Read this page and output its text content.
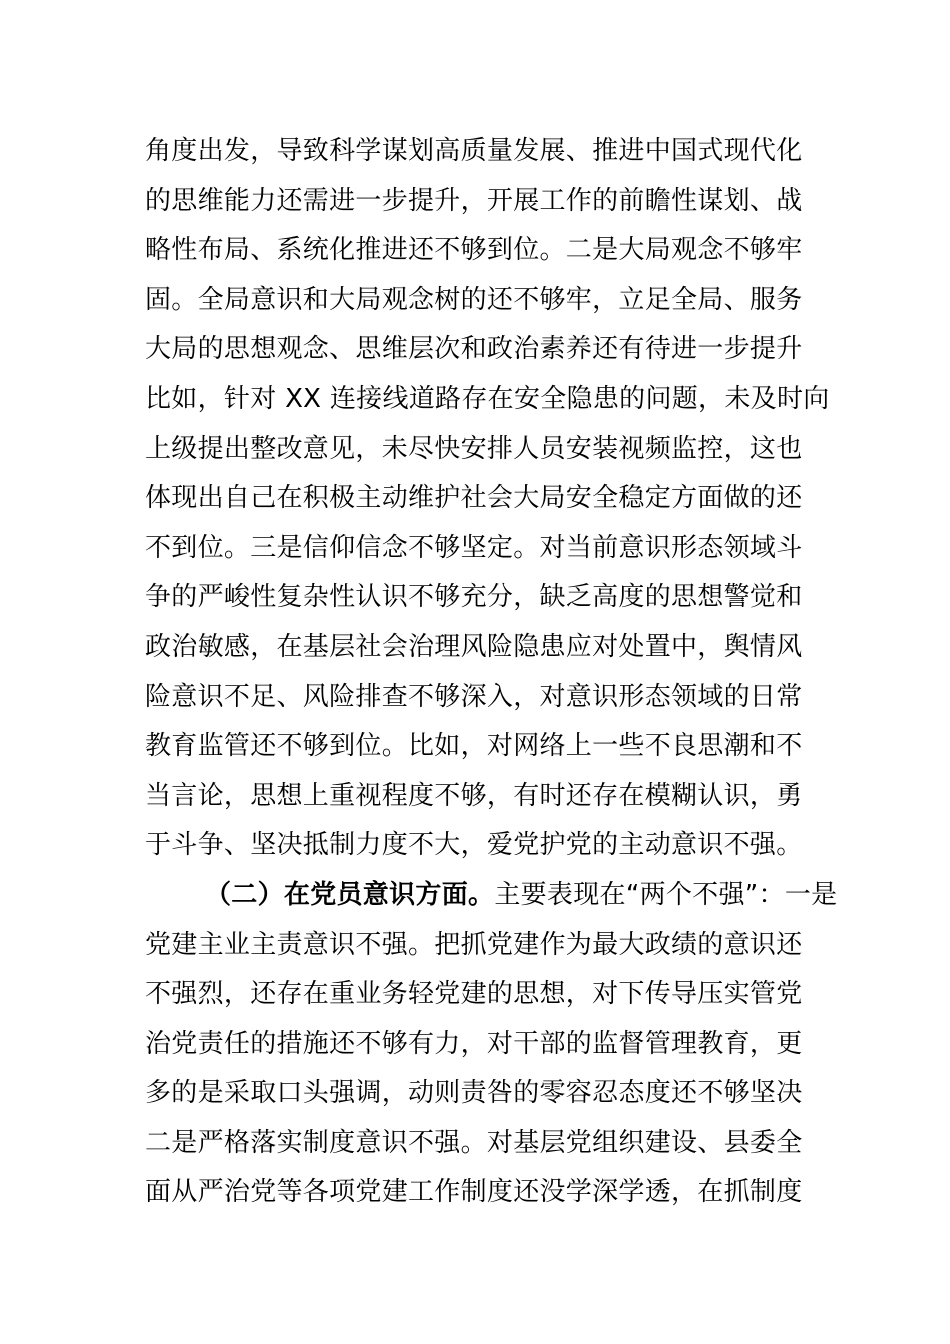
角度出发，导致科学谋划高质量发展、推进中国式现代化
的思维能力还需进一步提升，开展工作的前瞻性谋划、战
略性布局、系统化推进还不够到位。二是大局观念不够牢
固。全局意识和大局观念树的还不够牢，立足全局、服务
大局的思想观念、思维层次和政治素养还有待进一步提升
比如，针对 XX 连接线道路存在安全隐患的问题，未及时向
上级提出整改意见，未尽快安排人员安装视频监控，这也
体现出自己在积极主动维护社会大局安全稳定方面做的还
不到位。三是信仰信念不够坚定。对当前意识形态领域斗
争的严峻性复杂性认识不够充分，缺乏高度的思想警觉和
政治敏感，在基层社会治理风险隐患应对处置中，舆情风
险意识不足、风险排查不够深入，对意识形态领域的日常
教育监管还不够到位。比如，对网络上一些不良思潮和不
当言论，思想上重视程度不够，有时还存在模糊认识，勇
于斗争、坚决抵制力度不大，爱党护党的主动意识不强。
（二）在党员意识方面。主要表现在“两个不强”：一是
党建主业主责意识不强。把抓党建作为最大政绩的意识还
不强烈，还存在重业务轻党建的思想，对下传导压实管党
治党责任的措施还不够有力，对干部的监督管理教育，更
多的是采取口头强调，动则责咎的零容忍态度还不够坚决
二是严格落实制度意识不强。对基层党组织建设、县委全
面从严治党等各项党建工作制度还没学深学透，在抓制度
